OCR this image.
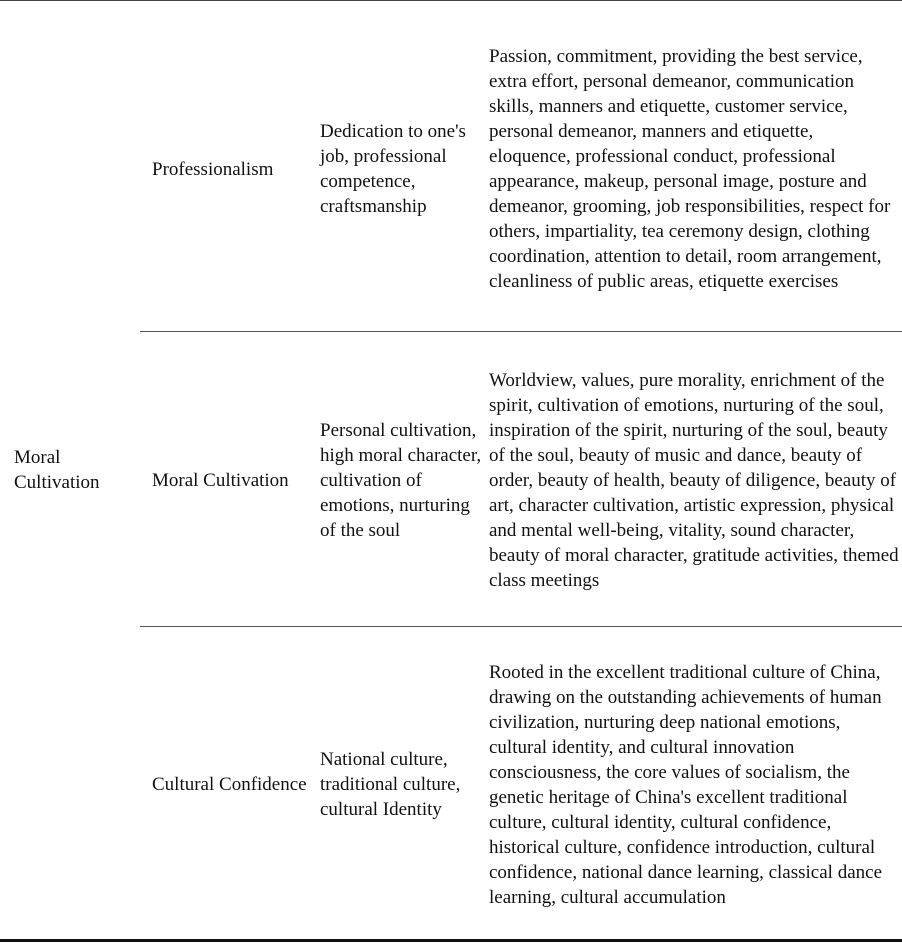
Moral Cultivation
Professionalism
Dedication to one's job, professional competence, craftsmanship
Passion, commitment, providing the best service, extra effort, personal demeanor, communication skills, manners and etiquette, customer service, personal demeanor, manners and etiquette, eloquence, professional conduct, professional appearance, makeup, personal image, posture and demeanor, grooming, job responsibilities, respect for others, impartiality, tea ceremony design, clothing coordination, attention to detail, room arrangement, cleanliness of public areas, etiquette exercises
Moral Cultivation
Personal cultivation, high moral character, cultivation of emotions, nurturing of the soul
Worldview, values, pure morality, enrichment of the spirit, cultivation of emotions, nurturing of the soul, inspiration of the spirit, nurturing of the soul, beauty of the soul, beauty of music and dance, beauty of order, beauty of health, beauty of diligence, beauty of art, character cultivation, artistic expression, physical and mental well-being, vitality, sound character, beauty of moral character, gratitude activities, themed class meetings
Cultural Confidence
National culture, traditional culture, cultural Identity
Rooted in the excellent traditional culture of China, drawing on the outstanding achievements of human civilization, nurturing deep national emotions, cultural identity, and cultural innovation consciousness, the core values of socialism, the genetic heritage of China's excellent traditional culture, cultural identity, cultural confidence, historical culture, confidence introduction, cultural confidence, national dance learning, classical dance learning, cultural accumulation
